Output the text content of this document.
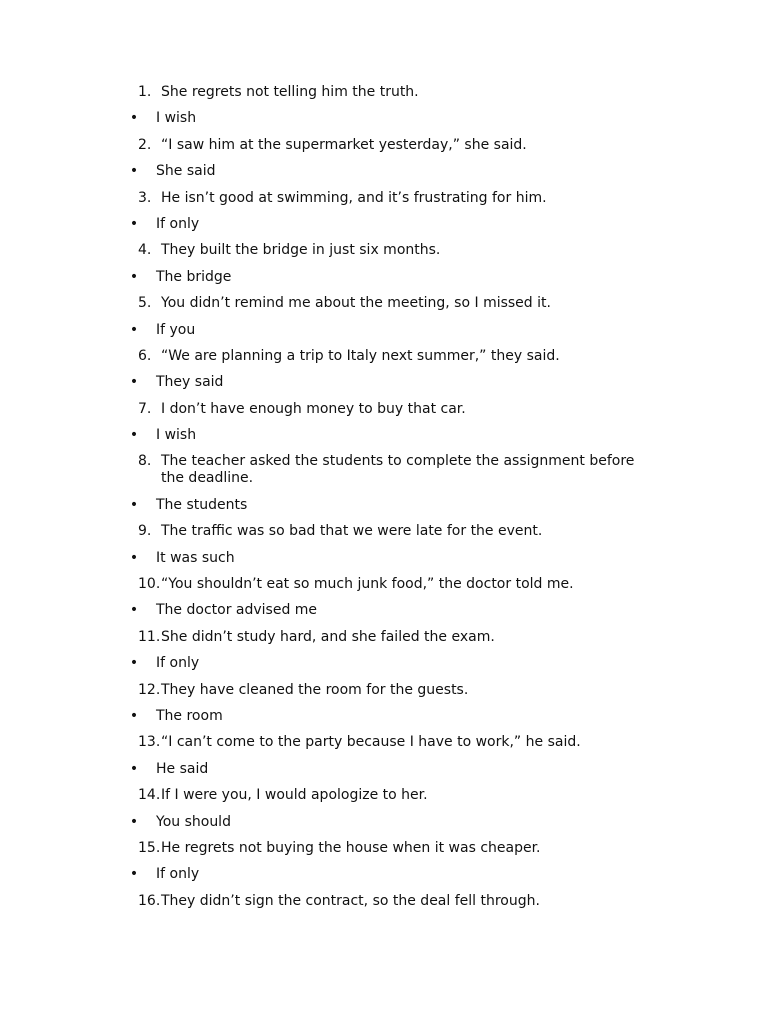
1. She regrets not telling him the truth.
• I wish
2. “I saw him at the supermarket yesterday,” she said.
• She said
3. He isn’t good at swimming, and it’s frustrating for him.
• If only
4. They built the bridge in just six months.
• The bridge
5. You didn’t remind me about the meeting, so I missed it.
• If you
6. “We are planning a trip to Italy next summer,” they said.
• They said
7. I don’t have enough money to buy that car.
• I wish
8. The teacher asked the students to complete the assignment before the deadline.
• The students
9. The traffic was so bad that we were late for the event.
• It was such
10. “You shouldn’t eat so much junk food,” the doctor told me.
• The doctor advised me
11. She didn’t study hard, and she failed the exam.
• If only
12. They have cleaned the room for the guests.
• The room
13. “I can’t come to the party because I have to work,” he said.
• He said
14. If I were you, I would apologize to her.
• You should
15. He regrets not buying the house when it was cheaper.
• If only
16. They didn’t sign the contract, so the deal fell through.
